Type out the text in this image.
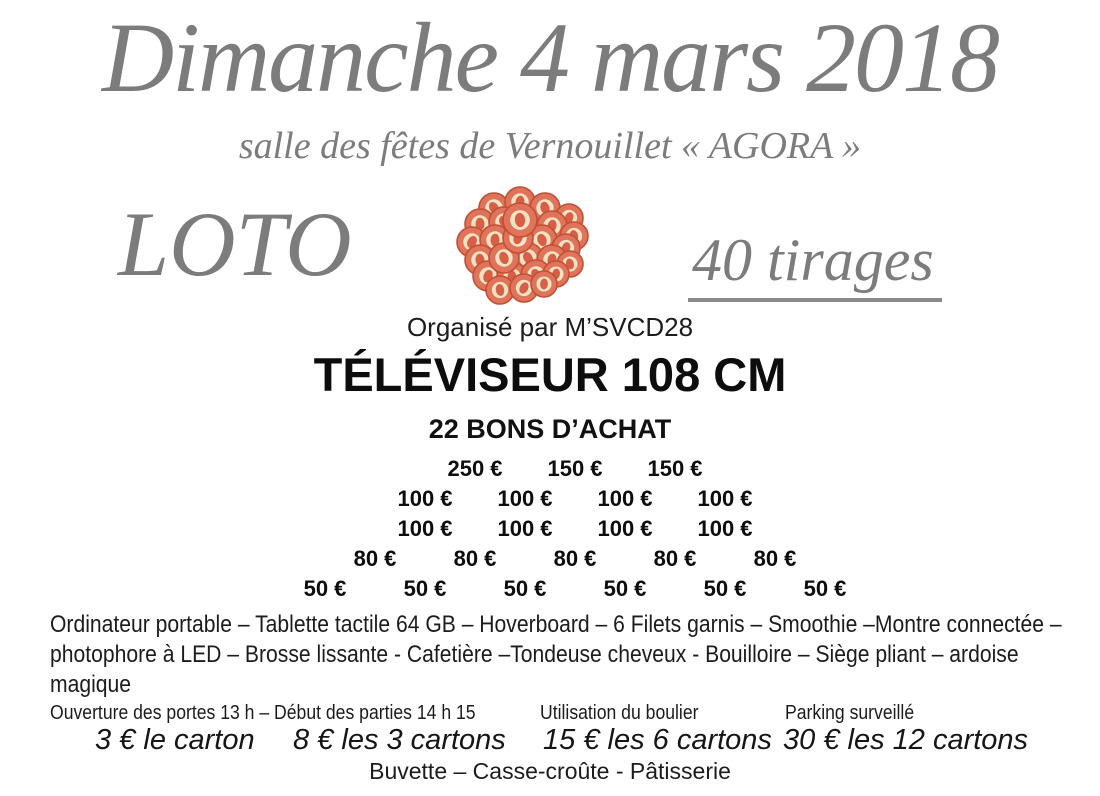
Dimanche 4 mars 2018
salle des fêtes de Vernouillet « AGORA »
LOTO	40 tirages
Organisé par M’SVCD28
TÉLÉVISEUR 108 CM
22 BONS D’ACHAT
250 €	150 €	150 €
100 €	100 €	100 €	100 €
100 €	100 €	100 €	100 €
80 €	80 €	80 €	80 €	80 €
50 €	50 €	50 €	50 €	50 €	50 €
Ordinateur portable – Tablette tactile 64 GB – Hoverboard – 6 Filets garnis – Smoothie –Montre connectée – photophore à LED – Brosse lissante - Cafetière –Tondeuse cheveux - Bouilloire – Siège pliant – ardoise magique
Ouverture des portes 13 h – Début des parties 14 h 15	Utilisation du boulier	Parking surveillé
3 € le carton 8 € les 3 cartons 15 € les 6 cartons 30 € les 12 cartons
Buvette – Casse-croûte - Pâtisserie
